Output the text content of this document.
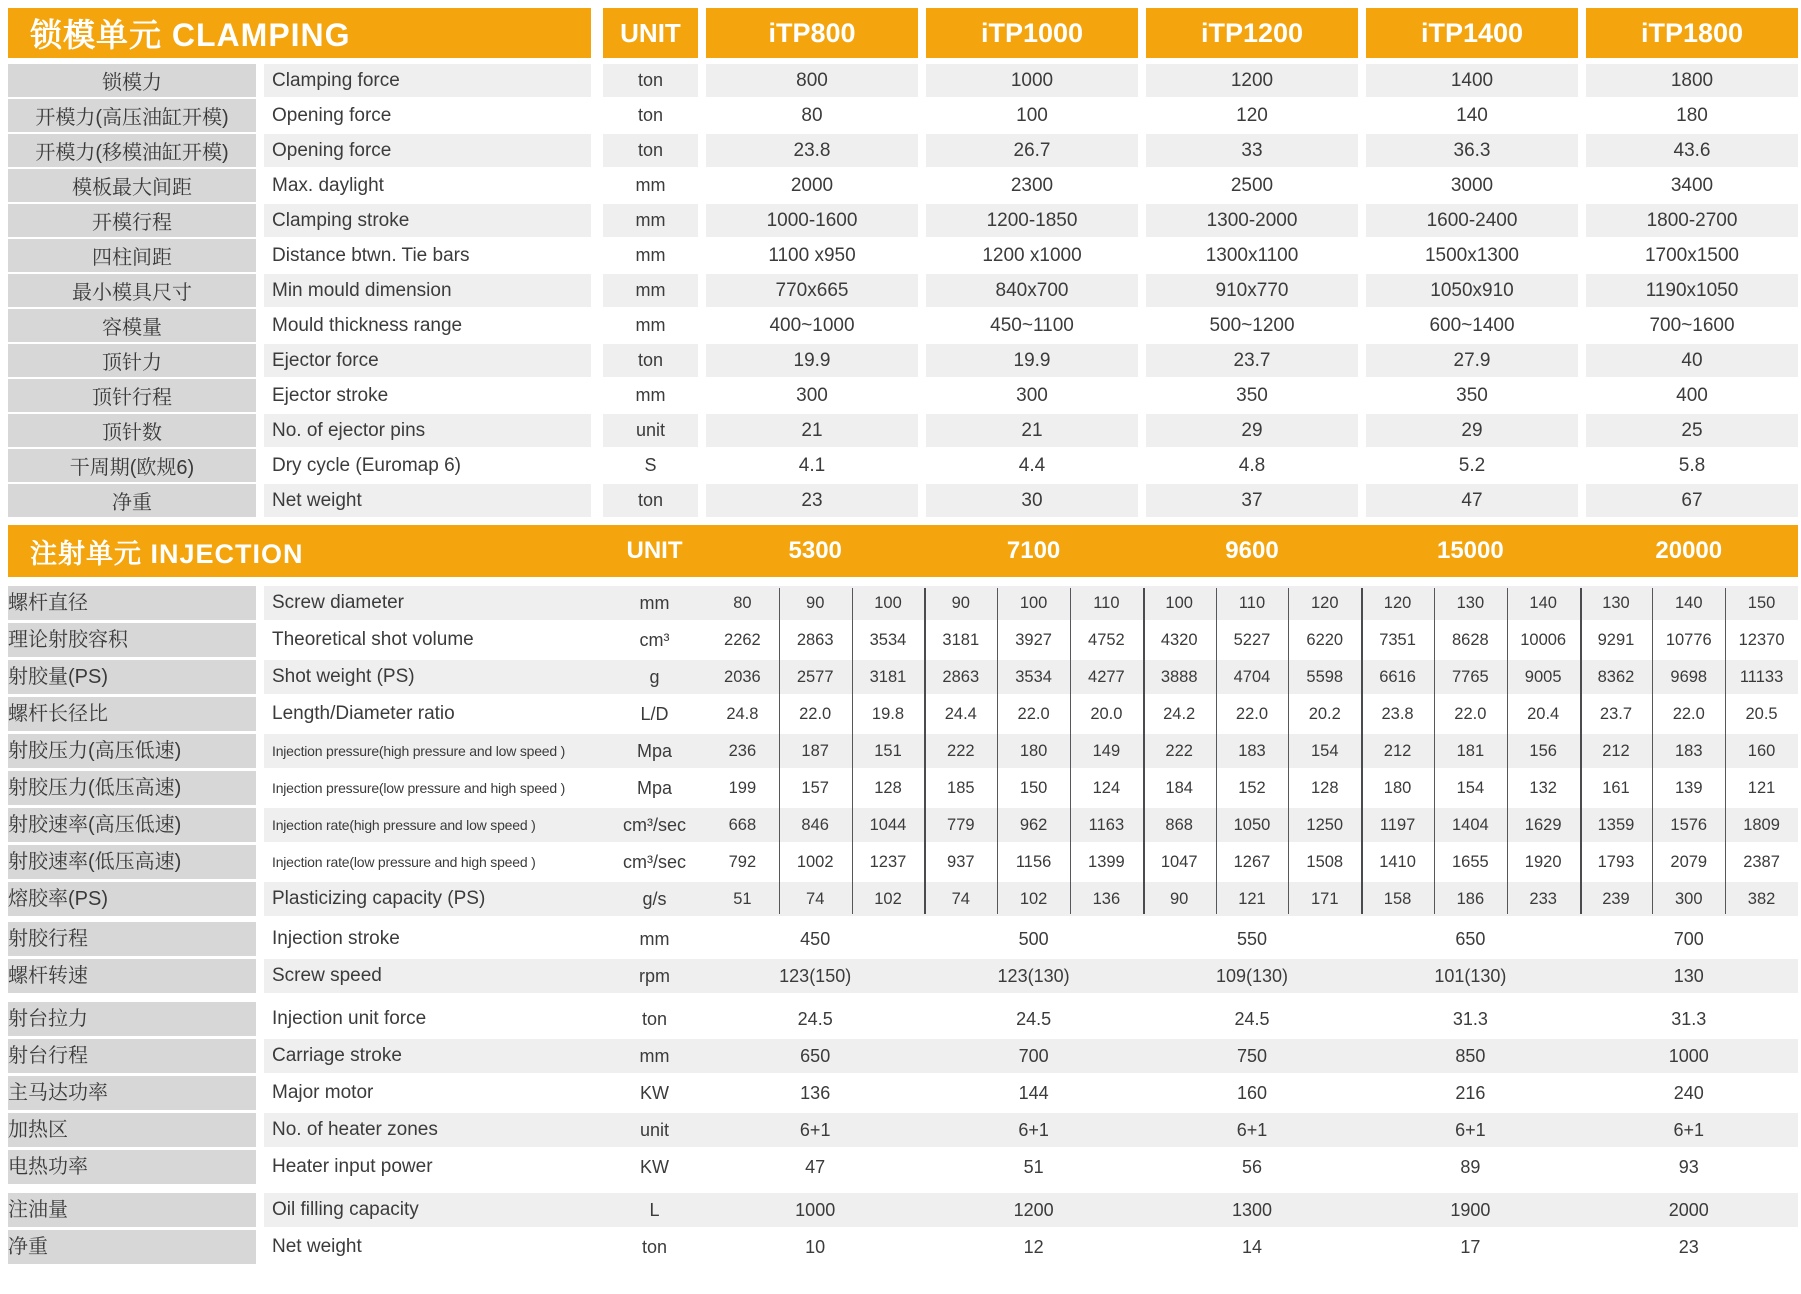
锁模单元 CLAMPING	UNIT	iTP800	iTP1000	iTP1200	iTP1400	iTP1800
锁模力	Clamping force	ton	800	1000	1200	1400	1800
开模力(高压油缸开模)	Opening force	ton	80	100	120	140	180
开模力(移模油缸开模)	Opening force	ton	23.8	26.7	33	36.3	43.6
模板最大间距	Max. daylight	mm	2000	2300	2500	3000	3400
开模行程	Clamping stroke	mm	1000-1600	1200-1850	1300-2000	1600-2400	1800-2700
四柱间距	Distance btwn. Tie bars	mm	1100 x950	1200 x1000	1300x1100	1500x1300	1700x1500
最小模具尺寸	Min mould dimension	mm	770x665	840x700	910x770	1050x910	1190x1050
容模量	Mould thickness range	mm	400~1000	450~1100	500~1200	600~1400	700~1600
顶针力	Ejector force	ton	19.9	19.9	23.7	27.9	40
顶针行程	Ejector stroke	mm	300	300	350	350	400
顶针数	No. of ejector pins	unit	21	21	29	29	25
干周期(欧规6)	Dry cycle (Euromap 6)	S	4.1	4.4	4.8	5.2	5.8
净重	Net weight	ton	23	30	37	47	67
注射单元 INJECTION	UNIT	5300	7100	9600	15000	20000
螺杆直径	Screw diameter	mm	80	90	100	90	100	110	100	110	120	120	130	140	130	140	150
理论射胶容积	Theoretical shot volume	cm³	2262	2863	3534	3181	3927	4752	4320	5227	6220	7351	8628	10006	9291	10776	12370
射胶量(PS)	Shot weight (PS)	g	2036	2577	3181	2863	3534	4277	3888	4704	5598	6616	7765	9005	8362	9698	11133
螺杆长径比	Length/Diameter ratio	L/D	24.8	22.0	19.8	24.4	22.0	20.0	24.2	22.0	20.2	23.8	22.0	20.4	23.7	22.0	20.5
射胶压力(高压低速)	Injection pressure(high pressure and low speed )	Mpa	236	187	151	222	180	149	222	183	154	212	181	156	212	183	160
射胶压力(低压高速)	Injection pressure(low pressure and high speed )	Mpa	199	157	128	185	150	124	184	152	128	180	154	132	161	139	121
射胶速率(高压低速)	Injection rate(high pressure and low speed )	cm³/sec	668	846	1044	779	962	1163	868	1050	1250	1197	1404	1629	1359	1576	1809
射胶速率(低压高速)	Injection rate(low pressure and high speed )	cm³/sec	792	1002	1237	937	1156	1399	1047	1267	1508	1410	1655	1920	1793	2079	2387
熔胶率(PS)	Plasticizing capacity (PS)	g/s	51	74	102	74	102	136	90	121	171	158	186	233	239	300	382
射胶行程	Injection stroke	mm	450	500	550	650	700
螺杆转速	Screw speed	rpm	123(150)	123(130)	109(130)	101(130)	130
射台拉力	Injection unit force	ton	24.5	24.5	24.5	31.3	31.3
射台行程	Carriage stroke	mm	650	700	750	850	1000
主马达功率	Major motor	KW	136	144	160	216	240
加热区	No. of heater zones	unit	6+1	6+1	6+1	6+1	6+1
电热功率	Heater input power	KW	47	51	56	89	93
注油量	Oil filling capacity	L	1000	1200	1300	1900	2000
净重	Net weight	ton	10	12	14	17	23
